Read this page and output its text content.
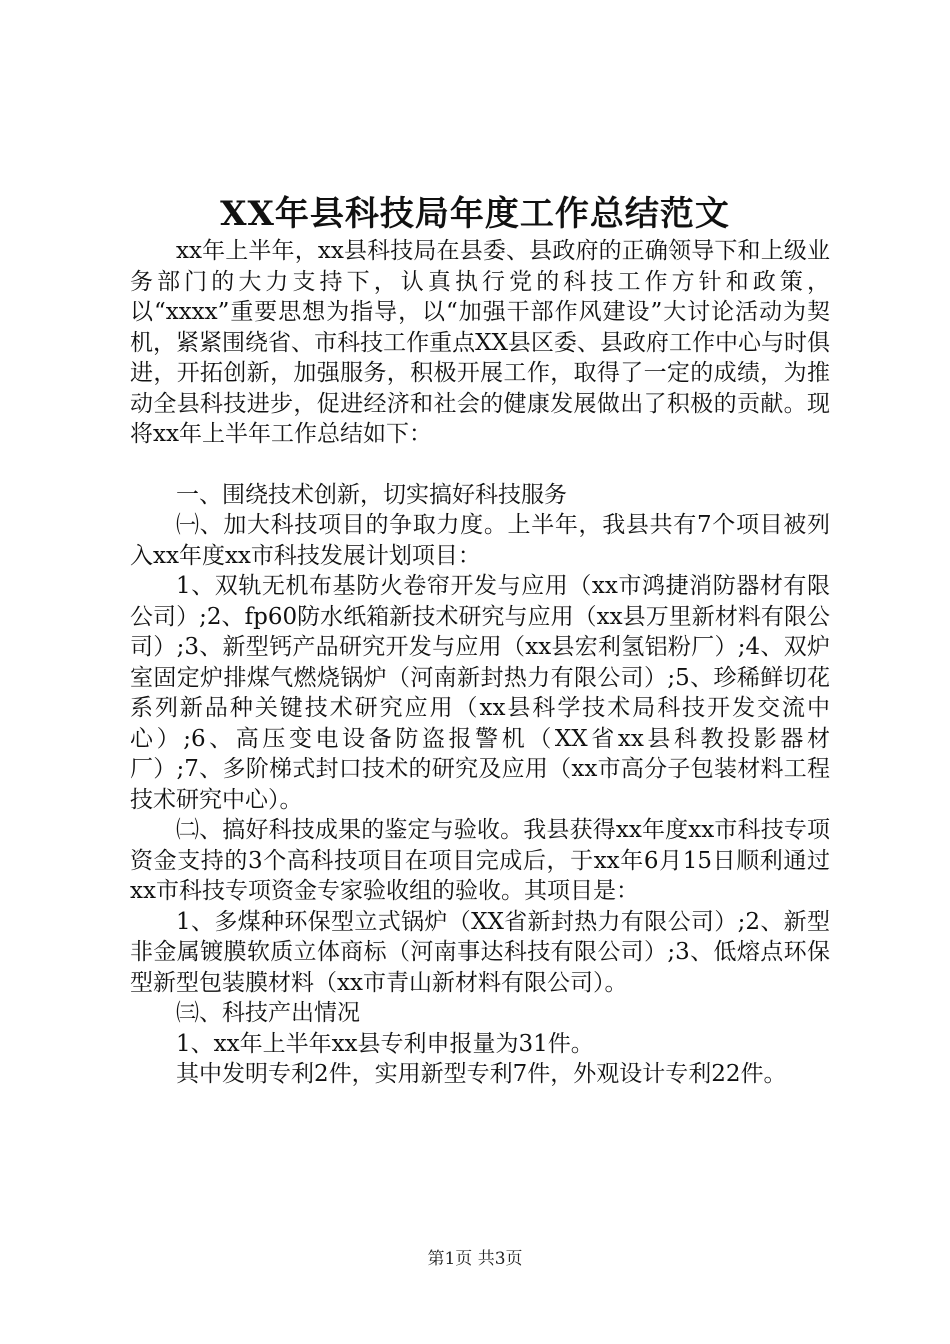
XX年县科技局年度工作总结范文

xx年上半年，xx县科技局在县委、县政府的正确领导下和上级业务部门的大力支持下，认真执行党的科技工作方针和政策，以“xxxx”重要思想为指导，以“加强干部作风建设”大讨论活动为契机，紧紧围绕省、市科技工作重点XX县区委、县政府工作中心与时俱进，开拓创新，加强服务，积极开展工作，取得了一定的成绩，为推动全县科技进步，促进经济和社会的健康发展做出了积极的贡献。现将xx年上半年工作总结如下：

一、围绕技术创新，切实搞好科技服务

㈠、加大科技项目的争取力度。上半年，我县共有7个项目被列入xx年度xx市科技发展计划项目：

1、双轨无机布基防火卷帘开发与应用（xx市鸿捷消防器材有限公司）;2、fp60防水纸箱新技术研究与应用（xx县万里新材料有限公司）;3、新型钙产品研究开发与应用（xx县宏利氢铝粉厂）;4、双炉室固定炉排煤气燃烧锅炉（河南新封热力有限公司）;5、珍稀鲜切花系列新品种关键技术研究应用（xx县科学技术局科技开发交流中心）;6、高压变电设备防盗报警机（XX省xx县科教投影器材厂）;7、多阶梯式封口技术的研究及应用（xx市高分子包装材料工程技术研究中心）。

㈡、搞好科技成果的鉴定与验收。我县获得xx年度xx市科技专项资金支持的3个高科技项目在项目完成后，于xx年6月15日顺利通过xx市科技专项资金专家验收组的验收。其项目是：

1、多煤种环保型立式锅炉（XX省新封热力有限公司）;2、新型非金属镀膜软质立体商标（河南事达科技有限公司）;3、低熔点环保型新型包装膜材料（xx市青山新材料有限公司）。

㈢、科技产出情况

1、xx年上半年xx县专利申报量为31件。

其中发明专利2件，实用新型专利7件，外观设计专利22件。

第1页 共3页
